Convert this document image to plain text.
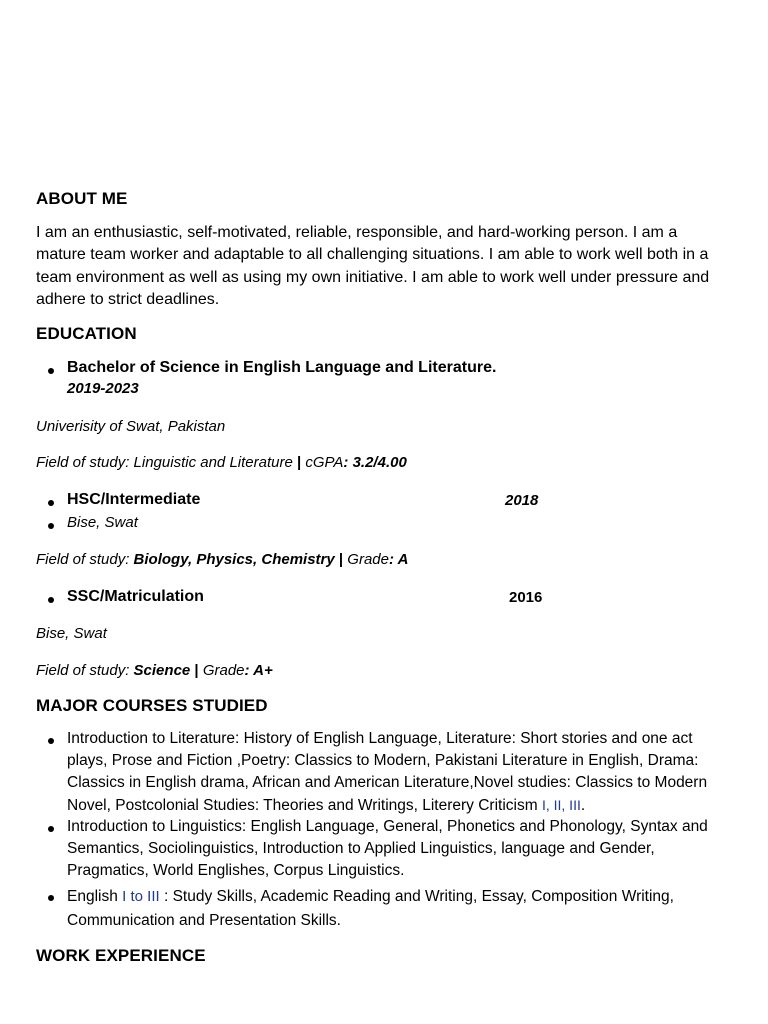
ABOUT ME
I am an enthusiastic, self-motivated, reliable, responsible, and hard-working person. I am a mature team worker and adaptable to all challenging situations. I am able to work well both in a team environment as well as using my own initiative. I am able to work well under pressure and adhere to strict deadlines.
EDUCATION
Bachelor of Science in English Language and Literature.
2019-2023
Univerisity of Swat, Pakistan
Field of study: Linguistic and Literature | cGPA: 3.2/4.00
HSC/Intermediate	2018
Bise, Swat
Field of study: Biology, Physics, Chemistry | Grade: A
SSC/Matriculation	2016
Bise, Swat
Field of study: Science | Grade: A+
MAJOR COURSES STUDIED
Introduction to Literature: History of English Language, Literature: Short stories and one act plays, Prose and Fiction ,Poetry: Classics to Modern, Pakistani Literature in English, Drama: Classics in English drama, African and American Literature,Novel studies: Classics to Modern Novel, Postcolonial Studies: Theories and Writings, Literery Criticism I, II, III.
Introduction to Linguistics: English Language, General, Phonetics and Phonology, Syntax and Semantics, Sociolinguistics, Introduction to Applied Linguistics, language and Gender, Pragmatics, World Englishes, Corpus Linguistics.
English I to III : Study Skills, Academic Reading and Writing, Essay, Composition Writing, Communication and Presentation Skills.
WORK EXPERIENCE
